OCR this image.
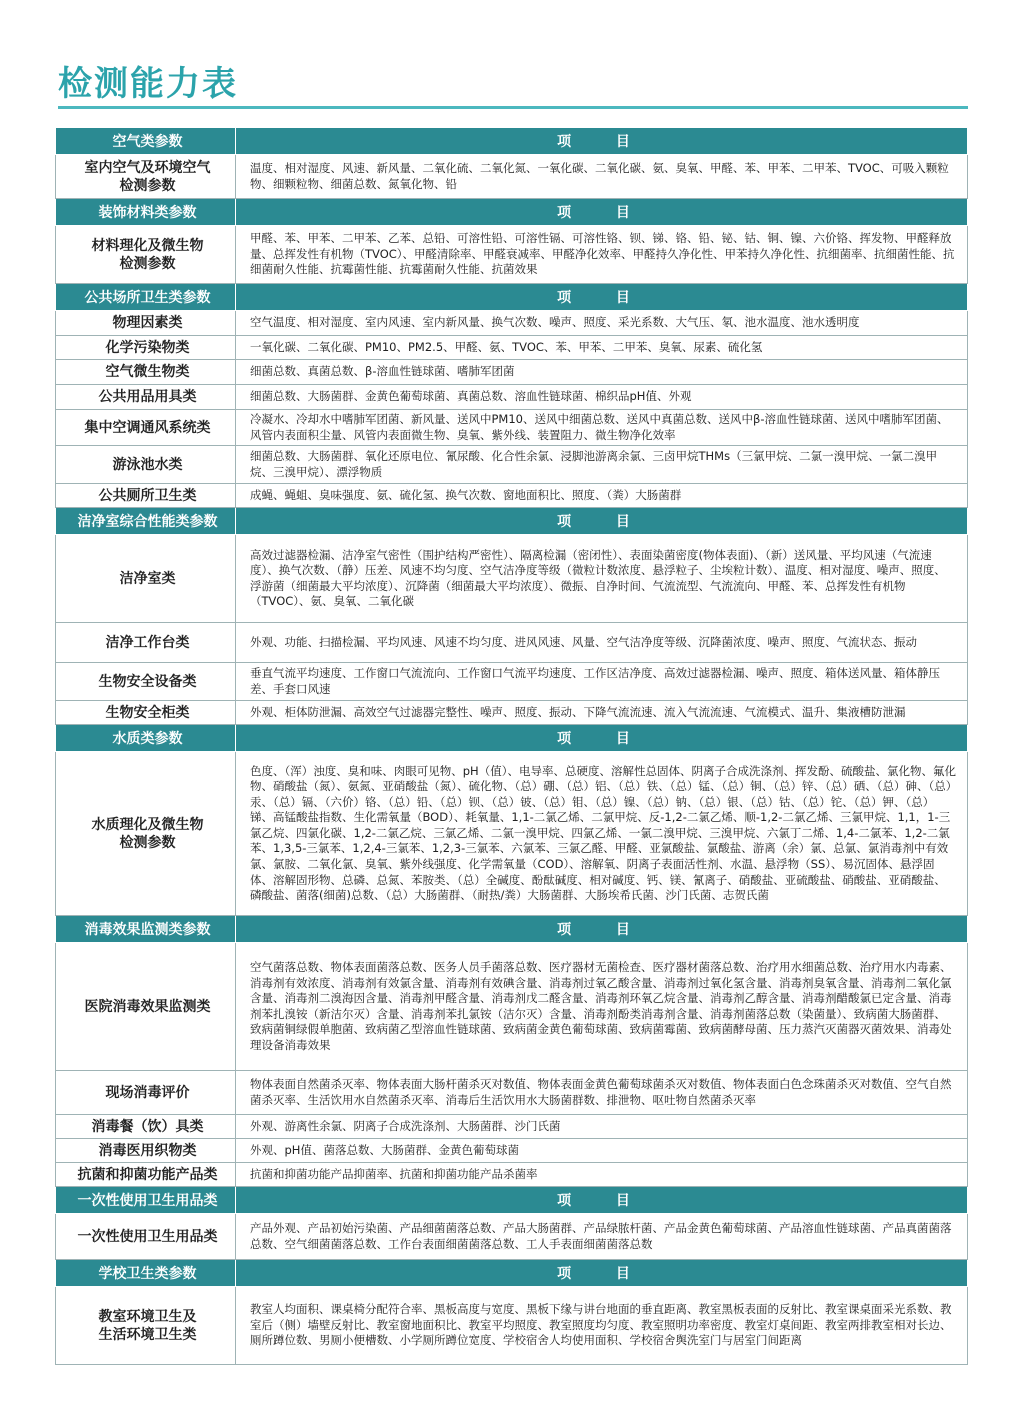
检测能力表
空气类参数	项 目
室内空气及环境空气
检测参数	温度、相对湿度、风速、新风量、二氧化硫、二氧化氮、一氧化碳、二氧化碳、氨、臭氧、甲醛、苯、甲苯、二甲苯、TVOC、可吸入颗粒物、细颗粒物、细菌总数、氮氧化物、铅
装饰材料类参数	项 目
材料理化及微生物
检测参数	甲醛、苯、甲苯、二甲苯、乙苯、总铅、可溶性铅、可溶性镉、可溶性铬、钡、锑、铬、铅、铋、钴、铜、镍、六价铬、挥发物、甲醛释放量、总挥发性有机物（TVOC）、甲醛清除率、甲醛衰减率、甲醛净化效率、甲醛持久净化性、甲苯持久净化性、抗细菌率、抗细菌性能、抗细菌耐久性能、抗霉菌性能、抗霉菌耐久性能、抗菌效果
公共场所卫生类参数	项 目
物理因素类	空气温度、相对湿度、室内风速、室内新风量、换气次数、噪声、照度、采光系数、大气压、氡、池水温度、池水透明度
化学污染物类	一氧化碳、二氧化碳、PM10、PM2.5、甲醛、氨、TVOC、苯、甲苯、二甲苯、臭氧、尿素、硫化氢
空气微生物类	细菌总数、真菌总数、β-溶血性链球菌、嗜肺军团菌
公共用品用具类	细菌总数、大肠菌群、金黄色葡萄球菌、真菌总数、溶血性链球菌、棉织品pH值、外观
集中空调通风系统类	冷凝水、冷却水中嗜肺军团菌、新风量、送风中PM10、送风中细菌总数、送风中真菌总数、送风中β-溶血性链球菌、送风中嗜肺军团菌、风管内表面积尘量、风管内表面微生物、臭氧、紫外线、装置阻力、微生物净化效率
游泳池水类	细菌总数、大肠菌群、氧化还原电位、氰尿酸、化合性余氯、浸脚池游离余氯、三卤甲烷THMs（三氯甲烷、二氯一溴甲烷、一氯二溴甲烷、三溴甲烷）、漂浮物质
公共厕所卫生类	成蝇、蝇蛆、臭味强度、氨、硫化氢、换气次数、窗地面积比、照度、（粪）大肠菌群
洁净室综合性能类参数	项 目
洁净室类	高效过滤器检漏、洁净室气密性（围护结构严密性）、隔离检漏（密闭性）、表面染菌密度(物体表面)、（新）送风量、平均风速（气流速度）、换气次数、（静）压差、风速不均匀度、空气洁净度等级（微粒计数浓度、悬浮粒子、尘埃粒计数）、温度、相对湿度、噪声、照度、浮游菌（细菌最大平均浓度）、沉降菌（细菌最大平均浓度）、微振、自净时间、气流流型、气流流向、甲醛、苯、总挥发性有机物（TVOC）、氨、臭氧、二氧化碳
洁净工作台类	外观、功能、扫描检漏、平均风速、风速不均匀度、进风风速、风量、空气洁净度等级、沉降菌浓度、噪声、照度、气流状态、振动
生物安全设备类	垂直气流平均速度、工作窗口气流流向、工作窗口气流平均速度、工作区洁净度、高效过滤器检漏、噪声、照度、箱体送风量、箱体静压差、手套口风速
生物安全柜类	外观、柜体防泄漏、高效空气过滤器完整性、噪声、照度、振动、下降气流流速、流入气流流速、气流模式、温升、集液槽防泄漏
水质类参数	项 目
水质理化及微生物
检测参数	色度、（浑）浊度、臭和味、肉眼可见物、pH（值）、电导率、总硬度、溶解性总固体、阴离子合成洗涤剂、挥发酚、硫酸盐、氯化物、氟化物、硝酸盐（氮）、氨氮、亚硝酸盐（氮）、硫化物、（总）硼、（总）铝、（总）铁、（总）锰、（总）铜、（总）锌、（总）硒、（总）砷、（总）汞、（总）镉、（六价）铬、（总）铅、（总）钡、（总）铍、（总）钼、（总）镍、（总）钠、（总）银、（总）钴、（总）铊、（总）钾、（总）锑、高锰酸盐指数、生化需氧量（BOD）、耗氧量、1,1-二氯乙烯、二氯甲烷、反-1,2-二氯乙烯、顺-1,2-二氯乙烯、三氯甲烷、1,1，1-三氯乙烷、四氯化碳、1,2-二氯乙烷、三氯乙烯、二氯一溴甲烷、四氯乙烯、一氯二溴甲烷、三溴甲烷、六氯丁二烯、1,4-二氯苯、1,2-二氯苯、1,3,5-三氯苯、1,2,4-三氯苯、1,2,3-三氯苯、六氯苯、三氯乙醛、甲醛、亚氯酸盐、氯酸盐、游离（余）氯、总氯、氯消毒剂中有效氯、氯胺、二氧化氯、臭氧、紫外线强度、化学需氧量（COD）、溶解氧、阴离子表面活性剂、水温、悬浮物（SS）、易沉固体、悬浮固体、溶解固形物、总磷、总氮、苯胺类、（总）全碱度、酚酞碱度、相对碱度、钙、镁、氰离子、硝酸盐、亚硫酸盐、硝酸盐、亚硝酸盐、磷酸盐、菌落(细菌)总数、（总）大肠菌群、（耐热/粪）大肠菌群、大肠埃希氏菌、沙门氏菌、志贺氏菌
消毒效果监测类参数	项 目
医院消毒效果监测类	空气菌落总数、物体表面菌落总数、医务人员手菌落总数、医疗器材无菌检查、医疗器材菌落总数、治疗用水细菌总数、治疗用水内毒素、消毒剂有效浓度、消毒剂有效氯含量、消毒剂有效碘含量、消毒剂过氧乙酸含量、消毒剂过氧化氢含量、消毒剂臭氧含量、消毒剂二氧化氯含量、消毒剂二溴海因含量、消毒剂甲醛含量、消毒剂戊二醛含量、消毒剂环氧乙烷含量、消毒剂乙醇含量、消毒剂醋酸氯已定含量、消毒剂苯扎溴铵（新洁尔灭）含量、消毒剂苯扎氯铵（洁尔灭）含量、消毒剂酚类消毒剂含量、消毒剂菌落总数（染菌量）、致病菌大肠菌群、致病菌铜绿假单胞菌、致病菌乙型溶血性链球菌、致病菌金黄色葡萄球菌、致病菌霉菌、致病菌酵母菌、压力蒸汽灭菌器灭菌效果、消毒处理设备消毒效果
现场消毒评价	物体表面自然菌杀灭率、物体表面大肠杆菌杀灭对数值、物体表面金黄色葡萄球菌杀灭对数值、物体表面白色念珠菌杀灭对数值、空气自然菌杀灭率、生活饮用水自然菌杀灭率、消毒后生活饮用水大肠菌群数、排泄物、呕吐物自然菌杀灭率
消毒餐（饮）具类	外观、游离性余氯、阴离子合成洗涤剂、大肠菌群、沙门氏菌
消毒医用织物类	外观、pH值、菌落总数、大肠菌群、金黄色葡萄球菌
抗菌和抑菌功能产品类	抗菌和抑菌功能产品抑菌率、抗菌和抑菌功能产品杀菌率
一次性使用卫生用品类	项 目
一次性使用卫生用品类	产品外观、产品初始污染菌、产品细菌菌落总数、产品大肠菌群、产品绿脓杆菌、产品金黄色葡萄球菌、产品溶血性链球菌、产品真菌菌落总数、空气细菌菌落总数、工作台表面细菌菌落总数、工人手表面细菌菌落总数
学校卫生类参数	项 目
教室环境卫生及
生活环境卫生类	教室人均面积、课桌椅分配符合率、黑板高度与宽度、黑板下缘与讲台地面的垂直距离、教室黑板表面的反射比、教室课桌面采光系数、教室后（侧）墙壁反射比、教室窗地面积比、教室平均照度、教室照度均匀度、教室照明功率密度、教室灯桌间距、教室两排教室相对长边、厕所蹲位数、男厕小便槽数、小学厕所蹲位宽度、学校宿舍人均使用面积、学校宿舍舆洗室门与居室门间距离
